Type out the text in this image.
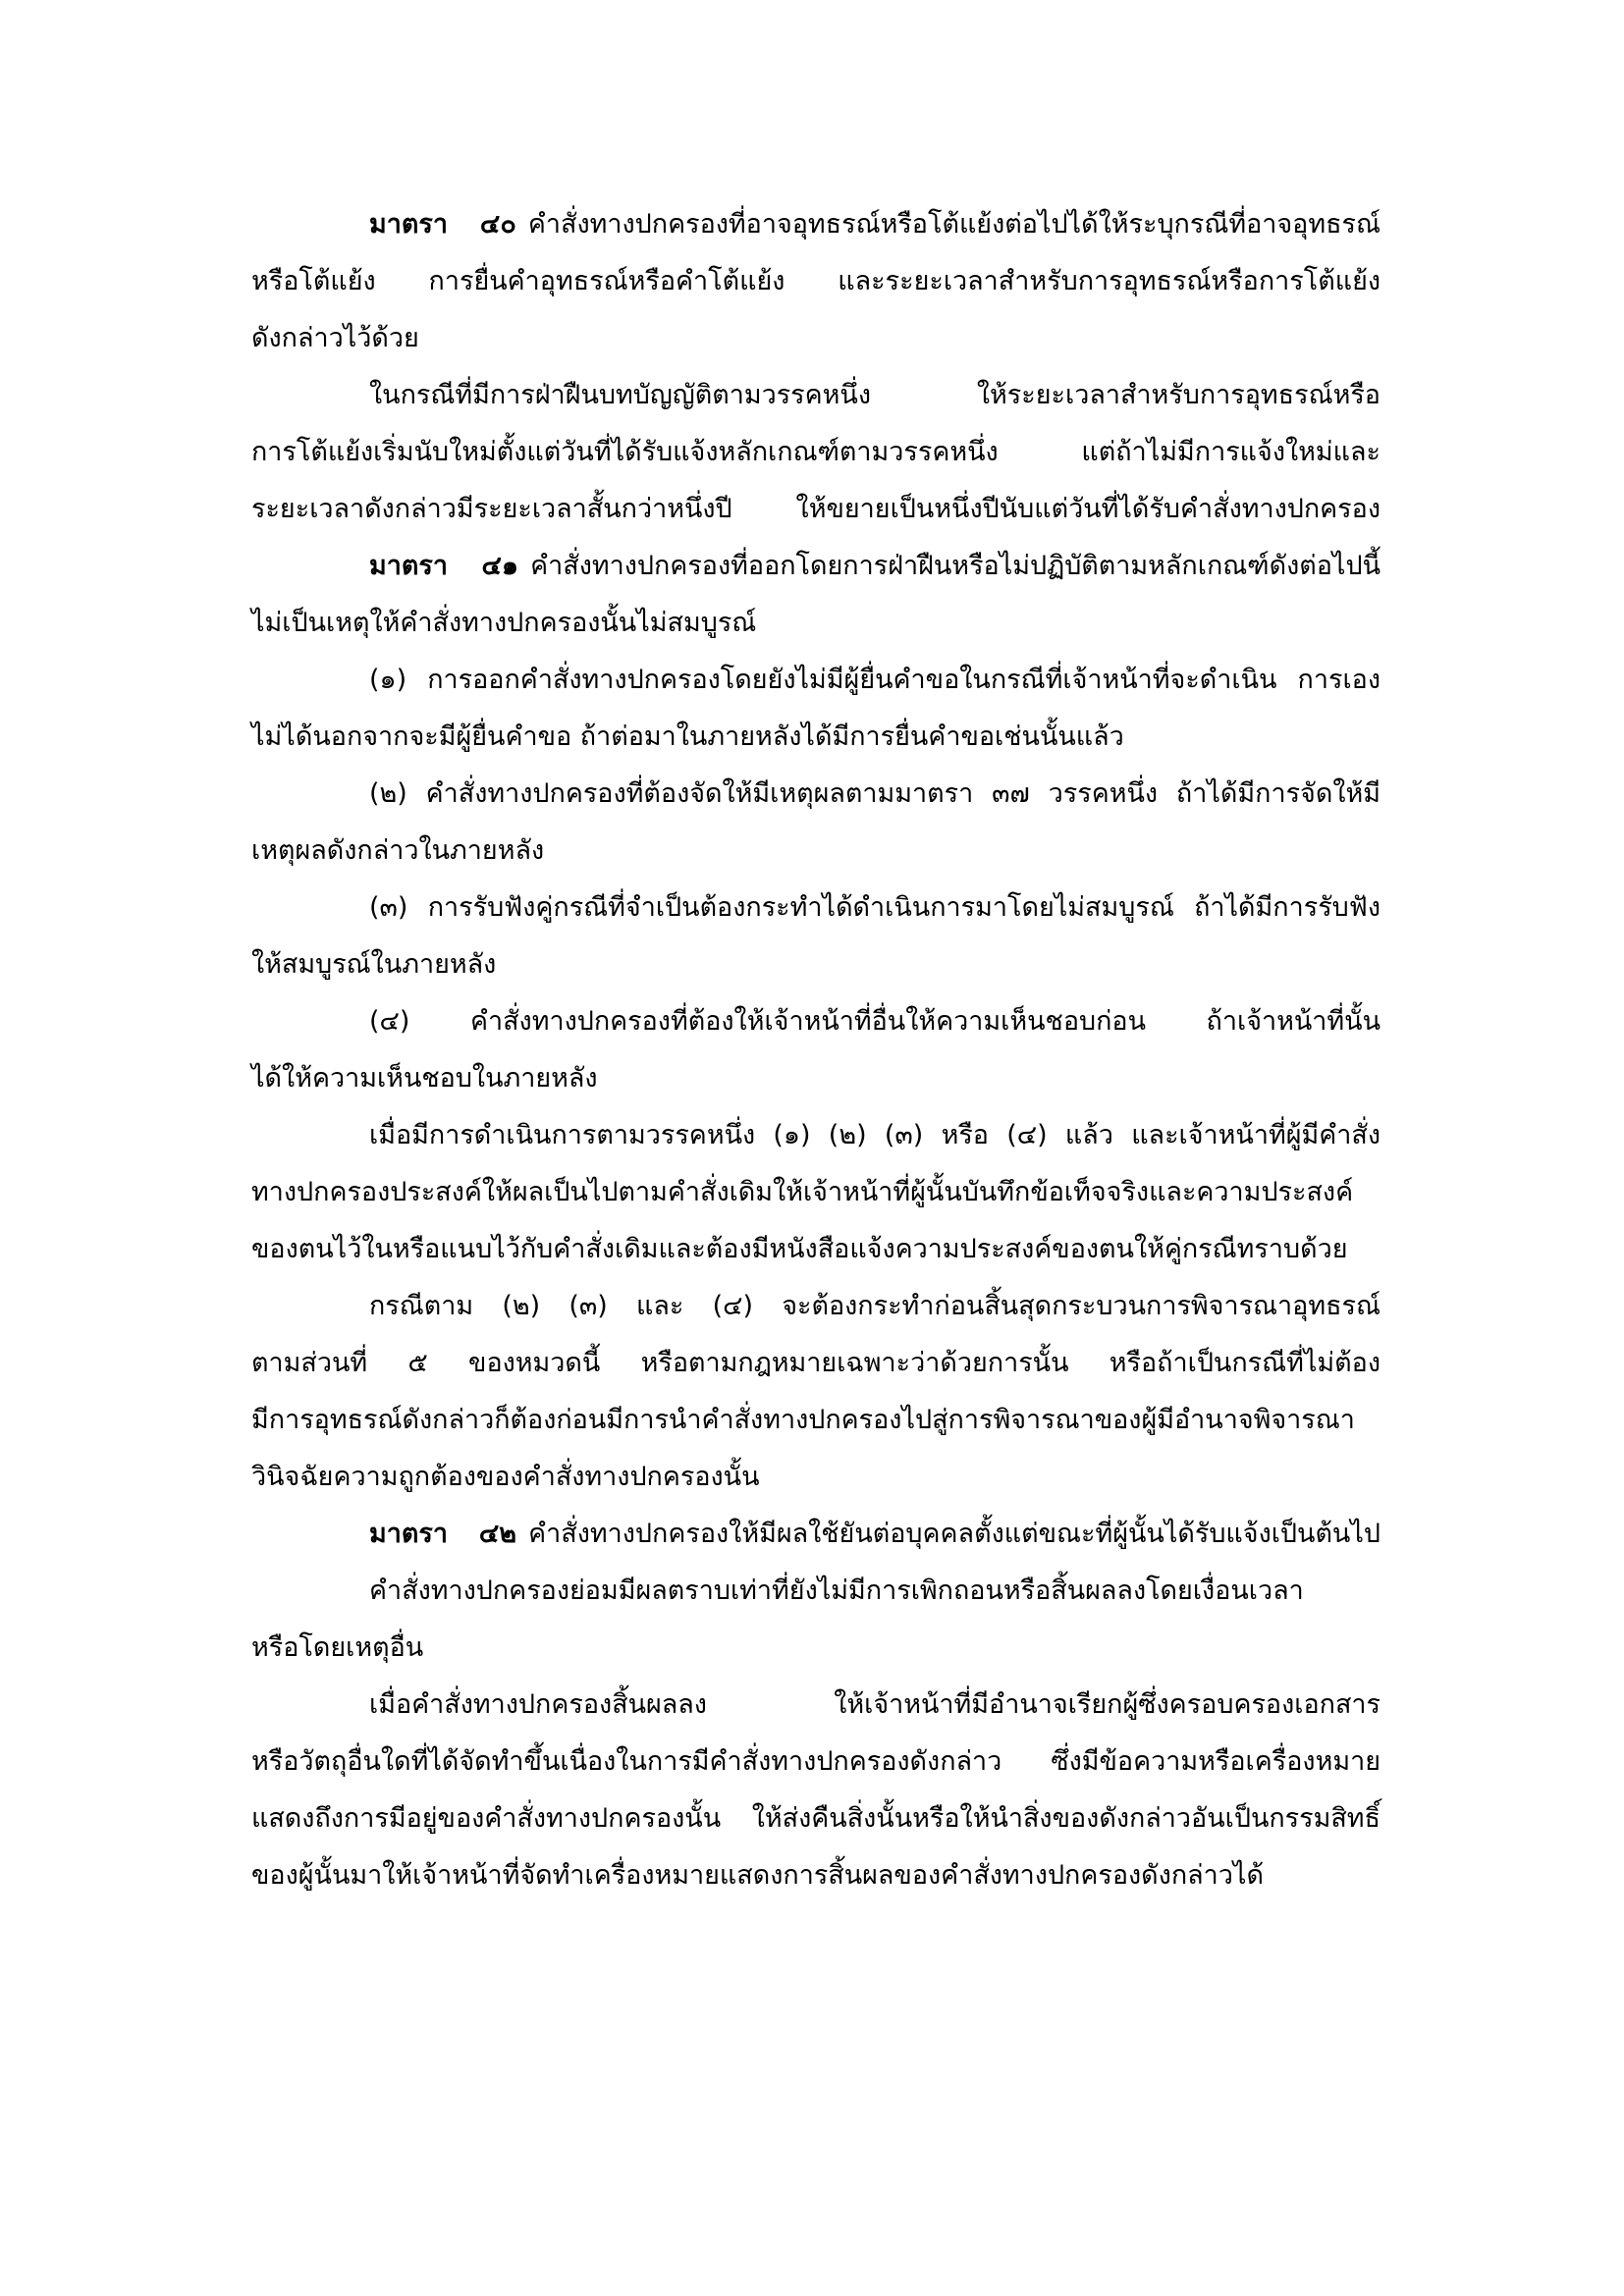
มาตรา ๔๐ คำสั่งทางปกครองที่อาจอุทธรณ์หรือโต้แย้งต่อไปได้ให้ระบุกรณีที่อาจอุทธรณ์
หรือโต้แย้ง การยื่นคำอุทธรณ์หรือคำโต้แย้ง และระยะเวลาสำหรับการอุทธรณ์หรือการโต้แย้ง
ดังกล่าวไว้ด้วย
ในกรณีที่มีการฝ่าฝืนบทบัญญัติตามวรรคหนึ่ง ให้ระยะเวลาสำหรับการอุทธรณ์หรือ
การโต้แย้งเริ่มนับใหม่ตั้งแต่วันที่ได้รับแจ้งหลักเกณฑ์ตามวรรคหนึ่ง แต่ถ้าไม่มีการแจ้งใหม่และ
ระยะเวลาดังกล่าวมีระยะเวลาสั้นกว่าหนึ่งปี ให้ขยายเป็นหนึ่งปีนับแต่วันที่ได้รับคำสั่งทางปกครอง
มาตรา ๔๑ คำสั่งทางปกครองที่ออกโดยการฝ่าฝืนหรือไม่ปฏิบัติตามหลักเกณฑ์ดังต่อไปนี้
ไม่เป็นเหตุให้คำสั่งทางปกครองนั้นไม่สมบูรณ์
(๑) การออกคำสั่งทางปกครองโดยยังไม่มีผู้ยื่นคำขอในกรณีที่เจ้าหน้าที่จะดำเนิน การเอง
ไม่ได้นอกจากจะมีผู้ยื่นคำขอ ถ้าต่อมาในภายหลังได้มีการยื่นคำขอเช่นนั้นแล้ว
(๒) คำสั่งทางปกครองที่ต้องจัดให้มีเหตุผลตามมาตรา ๓๗ วรรคหนึ่ง ถ้าได้มีการจัดให้มี
เหตุผลดังกล่าวในภายหลัง
(๓) การรับฟังคู่กรณีที่จำเป็นต้องกระทำได้ดำเนินการมาโดยไม่สมบูรณ์ ถ้าได้มีการรับฟัง
ให้สมบูรณ์ในภายหลัง
(๔) คำสั่งทางปกครองที่ต้องให้เจ้าหน้าที่อื่นให้ความเห็นชอบก่อน ถ้าเจ้าหน้าที่นั้น
ได้ให้ความเห็นชอบในภายหลัง
เมื่อมีการดำเนินการตามวรรคหนึ่ง (๑) (๒) (๓) หรือ (๔) แล้ว และเจ้าหน้าที่ผู้มีคำสั่ง
ทางปกครองประสงค์ให้ผลเป็นไปตามคำสั่งเดิมให้เจ้าหน้าที่ผู้นั้นบันทึกข้อเท็จจริงและความประสงค์
ของตนไว้ในหรือแนบไว้กับคำสั่งเดิมและต้องมีหนังสือแจ้งความประสงค์ของตนให้คู่กรณีทราบด้วย
กรณีตาม (๒) (๓) และ (๔) จะต้องกระทำก่อนสิ้นสุดกระบวนการพิจารณาอุทธรณ์
ตามส่วนที่ ๕ ของหมวดนี้ หรือตามกฎหมายเฉพาะว่าด้วยการนั้น หรือถ้าเป็นกรณีที่ไม่ต้อง
มีการอุทธรณ์ดังกล่าวก็ต้องก่อนมีการนำคำสั่งทางปกครองไปสู่การพิจารณาของผู้มีอำนาจพิจารณา
วินิจฉัยความถูกต้องของคำสั่งทางปกครองนั้น
มาตรา ๔๒ คำสั่งทางปกครองให้มีผลใช้ยันต่อบุคคลตั้งแต่ขณะที่ผู้นั้นได้รับแจ้งเป็นต้นไป
คำสั่งทางปกครองย่อมมีผลตราบเท่าที่ยังไม่มีการเพิกถอนหรือสิ้นผลลงโดยเงื่อนเวลา
หรือโดยเหตุอื่น
เมื่อคำสั่งทางปกครองสิ้นผลลง ให้เจ้าหน้าที่มีอำนาจเรียกผู้ซึ่งครอบครองเอกสาร
หรือวัตถุอื่นใดที่ได้จัดทำขึ้นเนื่องในการมีคำสั่งทางปกครองดังกล่าว ซึ่งมีข้อความหรือเครื่องหมาย
แสดงถึงการมีอยู่ของคำสั่งทางปกครองนั้น ให้ส่งคืนสิ่งนั้นหรือให้นำสิ่งของดังกล่าวอันเป็นกรรมสิทธิ์
ของผู้นั้นมาให้เจ้าหน้าที่จัดทำเครื่องหมายแสดงการสิ้นผลของคำสั่งทางปกครองดังกล่าวได้
